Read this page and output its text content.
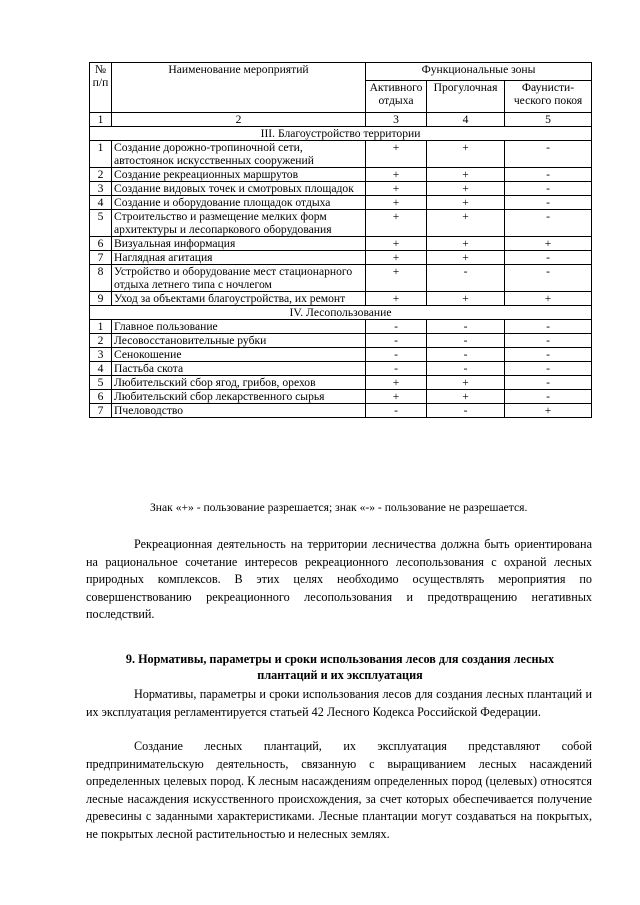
№ п/п	Наименование мероприятий	Функциональные зоны		
		Активного отдыха	Прогулочная	Фаунисти-ческого покоя
1	2	3	4	5
III. Благоустройство территории				
1	Создание дорожно-тропиночной сети, автостоянок искусственных сооружений	+	+	-
2	Создание рекреационных маршрутов	+	+	-
3	Создание видовых точек и смотровых площадок	+	+	-
4	Создание и оборудование площадок отдыха	+	+	-
5	Строительство и размещение мелких форм архитектуры и лесопаркового оборудования	+	+	-
6	Визуальная информация	+	+	+
7	Наглядная агитация	+	+	-
8	Устройство и оборудование мест стационарного отдыха летнего типа с ночлегом	+	-	-
9	Уход за объектами благоустройства, их ремонт	+	+	+
IV. Лесопользование				
1	Главное пользование	-	-	-
2	Лесовосстановительные рубки	-	-	-
3	Сенокошение	-	-	-
4	Пастьба скота	-	-	-
5	Любительский сбор ягод, грибов, орехов	+	+	-
6	Любительский сбор лекарственного сырья	+	+	-
7	Пчеловодство	-	-	+
Знак «+» - пользование разрешается; знак «-» - пользование не разрешается.
Рекреационная деятельность на территории лесничества должна быть ориентирована на рациональное сочетание интересов рекреационного лесопользования с охраной лесных природных комплексов. В этих целях необходимо осуществлять мероприятия по совершенствованию рекреационного лесопользования и предотвращению негативных последствий.
9. Нормативы, параметры и сроки использования лесов для создания лесных плантаций и их эксплуатация
Нормативы, параметры и сроки использования лесов для создания лесных плантаций и их эксплуатация регламентируется статьей 42 Лесного Кодекса Российской Федерации.
Создание лесных плантаций, их эксплуатация представляют собой предпринимательскую деятельность, связанную с выращиванием лесных насаждений определенных целевых пород. К лесным насаждениям определенных пород (целевых) относятся лесные насаждения искусственного происхождения, за счет которых обеспечивается получение древесины с заданными характеристиками. Лесные плантации могут создаваться на покрытых, не покрытых лесной растительностью и нелесных землях.
